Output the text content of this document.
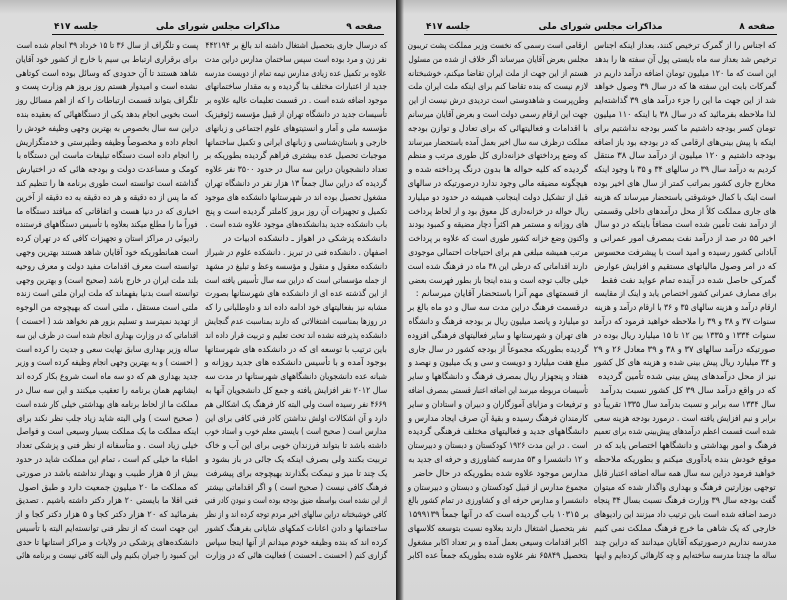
صفحه ۹
مذاکرات مجلس شورای ملی
جلسه ۴۱۷
که درسال جاری بتحصیل اشتغال داشته اند بالغ بر ۴۴۲۱۹۴
نفر زن و مرد بوده است سپس ساختمان مدارس دراین مدت
علاوه بر تکمیل عده زیادی مدارس نیمه تمام از دویست مدرسه
جدید از اعتبارات مختلف بنا گردیده و به مقدار ساختمانهای
موجود اضافه شده است . در قسمت تعلیمات عالیه علاوه بر
تأسیسات جدید در دانشگاه تهران از قبیل مؤسسه ژئوفیزیک
مؤسسه ملی و آمار و انستیتوهای علوم اجتماعی و زبانهای
خارجی و باستان‌شناسی و زبانهای ایرانی و تکمیل ساختمانها
موجبات تحصیل عده بیشتری فراهم گردیده بطوریکه بر
تعداد دانشجویان دراین سه سال در حدود ۳۵۰۰ نفر علاوه
گردیده که دراین سال جمعاً ۱۳ هزار نفر در دانشگاه تهران
مشغول تحصیل بوده اند در شهرستانها دانشکده های موجود
تکمیل و تجهیزات آن روز بروز کاملتر گردیده است و پنج
باب دانشکده جدید بدانشکده‌های موجود علاوه شده است .
دانشکده پزشکی در اهواز ـ دانشکده ادبیات در
اصفهان . دانشکده فنی در تبریز . دانشکده علوم در شیراز
دانشکده معقول و منقول و مؤسسه وعظ و تبلیغ در مشهد
از جمله مؤسساتی است که دراین سه سال تأسیس یافته است
از این گذشته عده ای از دانشکده های شهرستانها بصورت
مشابه نیز بفعالیتهای خود ادامه داده اند و داوطلبانی را که
در روزها بمناسبت اشتغالاتی که دارند بمناسبت عدم گنجایش
دانشکده پذیرفته نشده اند تحت تعلیم و تربیت قرار داده اند
باین ترتیب با توسعه ای که در دانشکده های شهرستانها
بوجود آمده و با تأسیس دانشکده های جدید روزانه و
شبانه عده دانشجویان دانشگاههای شهرستانها در مدت سه
سال ۲۰۱۲ نفر افزایش یافته و جمع کل دانشجویان آنها به
۴۶۶۹ نفر رسیده است ولی البته کار فرهنگ یک اشکالی هم
دارد و آن اشکالات اولش نداشتن کادر فنی کافی برای این
مدارس است ( صحیح است ) بایستی معلم خوب و استاد خوب
داشته باشد تا بتواند فرزندان خوبی برای این آب و خاک
تربیت بکنند ولی بصرف اینکه یک جائی در باز بشود و
یک چند تا میز و نیمکت بگذارند بهیچوجه برای پیشرفت
فرهنگ کافی نیست ( صحیح است ) و اگر اقداماتی بیشتر
از این نشده است بواسطه ضیق بودجه بوده است و نبودن کادر فنی
کافی خوشبختانه دراین سالهای اخیر مردم توجه کرده اند و از نظر
ساختمانها و دادن اعانات کمکهای شایانی بفرهنگ کشور
کرده اند که بنده وظیفه خودم میدانم از آنها اینجا سپاس
گزاری کنم ( احسنت ـ احسنت ) فعالیت هائی که در وزارت
پست و تلگراف از سال ۳۶ تا ۱۵ خرداد ۳۹ انجام شده است
برای برقراری ارتباط بی سیم با خارج از کشور خود آقایان
شاهد هستند تا آن حدودی که وسائل بوده است کوتاهی
نشده است و امیدوار هستم روز بروز هم وزارت پست و
تلگراف بتواند قسمت ارتباطات را که از اهم مسائل روز
است بخوبی انجام بدهد یکی از دستگاههائی که بعقیده بنده
دراین سه سال بخصوص به بهترین وجهی وظیفه خودش را
انجام داده و مخصوصاً وظیفه وطنپرستی و خدمتگزاریش
را انجام داده است دستگاه تبلیغات ماست این دستگاه با
کومک و مساعدت دولت و بودجه هائی که در اختیارش
گذاشته است توانسته است طوری برنامه ها را تنظیم کند
که ما پس از ده دقیقه و هر ده دقیقه به ده دقیقه از آخرین
اخباری که در دنیا هست و اتفاقاتی که میافتد دستگاه ما
فوراً ما را مطلع میکند بعلاوه با تأسیس دستگاههای فرستنده
رادیوئی در مراکز استان و تجهیزات کافی که در تهران کرده
است همانطوریکه خود آقایان شاهد هستند بهترین وجهی
توانسته است معرف اقدامات مفید دولت و معرف روحیه
بلند ملت ایران در خارج باشد (صحیح است) و بهترین وجهی
توانسته است بدنیا بفهماند که ملت ایران ملتی است زنده
ملتی است مستقل ، ملتی است که بهیچوجه من الوجوه
از تهدید نمیترسد و تسلیم بزور هم نخواهد شد ( احسنت )
اقداماتی که در وزارت بهداری انجام شده است در ظرف این سه
ساله وزیر بهداری سابق نهایت سعی و جدیت را کرده است
( احسنت ) و به بهترین وجهی انجام وظیفه کرده است و وزیر
جدید بهداری هم که دو سه ماه است شروع بکار کرده اند
ایشانهم همان برنامه را تعقیب میکنند و این سه سال در
مملکت ما از لحاظ برنامه های بهداشتی خیلی کار شده است
( صحیح است ) ولی البته شاید زیاد جلب نظر نکند برای
اینکه مملکت ما یک مملکت بسیار وسیعی است و فواصل
خیلی زیاد است . و متأسفانه از نظر فنی و پزشکی تعداد
اطباء ما خیلی کم است ، تمام این مملکت شاید در حدود
بیش از ۵ هزار طبیب و بهدار نداشته باشد در صورتی
که مملکت ما ۲۰ میلیون جمعیت دارد و طبق اصول
فنی اقلا ما بایستی ۲۰ هزار دکتر داشته باشیم . تصدیق
بفرمائید که ۲۰ هزار دکتر کجا و ۵ هزار دکتر کجا و از
این جهت است که از نظر فنی توانسته‌ایم البته با تأسیس
دانشکده‌های پزشکی در ولایات و مراکز استانها تا حدی
این کمبود را جبران بکنیم ولی البته کافی نیست و برنامه هائی
صفحه ۸
مذاکرات مجلس شورای ملی
جلسه ۴۱۷
که اجناس را از گمرک ترخیص کنند، بعداز اینکه اجناس
ترخیص شد بعداز سه ماه بایستی پول آن سفته ها را بدهد
این است که ما ۱۲۰ میلیون تومان اضافه درآمد داریم در
گمرکات بابت این سفته ها که در سال ۳۹ وصول خواهد
شد از این جهت ما این را جزء درآمد های ۳۹ گذاشته‌ایم
لذا ملاحظه بفرمائید که در سال ۳۸ با اینکه ۱۱۰ میلیون
تومان کسر بودجه داشتیم ما کسر بودجه نداشتیم برای
اینکه با پیش بینی‌های ارقامی که در بودجه بود باز اضافه
بودجه داشتیم و ۱۲۰ میلیون از درآمد سال ۳۸ منتقل
کردیم به درآمد سال ۳۹ در سالهای ۳۴ و ۳۵ با وجود اینکه
مخارج جاری کشور بمراتب کمتر از سال های اخیر بوده
است اینک با کمال خوشوقتی باستحضار میرساند که هزینه
های جاری مملکت کلاً از محل درآمدهای داخلی وقسمتی
از درآمد نفت تأمین شده است مضافاً باینکه در دو سال
اخیر ۵۵ در صد از درآمد نفت بمصرف امور عمرانی و
آبادانی کشور رسیده و امید است با پیشرفت محسوس
که در امر وصول مالیاتهای مستقیم و افزایش عوارض
گمرکی حاصل شده در آینده تمام عواید نفت فقط
برای مصارف عمرانی کشور اختصاص یابد و اینک از مقایسه
ارقام درآمد و هزینه سالهای ۳۵ و ۳۶ با ارقام درآمد و هزینه
سنوات ۳۷ و ۳۸ و ۳۹ را ملاحظه خواهید فرمود که درآمد
سنوات ۱۳۳۴ و ۱۳۳۵ بین ۱۲ تا ۱۵ میلیارد ریال بوده در
صورتیکه درآمد سالهای ۳۷ و ۳۸ و ۳۹ معادل ۲۶ و ۲۹
و ۳۴ میلیارد ریال پیش بینی شده و هزینه های کل کشور
نیز از محل درآمدهای پیش بینی شده تأمین گردیده
که در واقع درآمد سال ۳۹ کل کشور نسبت بدرآمد
سال ۱۳۳۴ سه برابر و نسبت بدرآمد سال ۱۳۳۵ تقریباً دو
برابر و نیم افزایش یافته است . درمورد بودجه هزینه سعی
شده است قسمت اعظم درآمدهای پیش‌بینی شده برای تعمیم
فرهنگ و امور بهداشتی و دانشگاهها اختصاص یابد که در
موقع خودش بنده یادآوری میکنم و بطوریکه ملاحظه
خواهید فرمود دراین سه سال همه ساله اضافه اعتبار قابل
توجهی بوزارتین فرهنگ و بهداری واگذار شده که میتوان
گفت بودجه سال ۳۹ وزارت فرهنگ نسبت بسال ۳۴ پنجاه
درصد اضافه شده است باین ترتیب داد میزنند این رادیوهای
خارجی که یک شاهی ما خرج فرهنگ مملکت نمی کنیم
مدرسه نداریم درصورتیکه آقایان میدانند که دراین چند
ساله ما چندتا مدرسه ساخته‌ایم و چه کارهائی کرده‌ایم و اینها
ارقامی است رسمی که نخست وزیر مملکت پشت تریبون
مجلس بعرض آقایان میرساند اگر خلاف از شده من مسئول
هستم از این جهت از ملت ایران تقاضا میکنم، خوشبختانه
لازم نیست که بنده تقاضا کنم برای اینکه ملت ایران ملت
وطن‌پرست و شاهدوستی است تردیدی درش نیست از این
جهت این ارقام رسمی دولت است و بعرض آقایان میرسانم
با اقدامات و فعالیتهائی که برای تعادل و توازن بودجه
مملکت درظرف سه سال اخیر بعمل آمده باستحضار میرساند
که وضع پرداختهای خزانه‌داری کل طوری مرتب و منظم
گردیده که کلیه حواله ها بدون درنگ پرداخته شده و
هیچگونه مضیقه مالی وجود ندارد درصورتیکه در سالهای
قبل از تشکیل دولت اینجانب همیشه در حدود دو میلیارد
ریال حواله در خزانه‌داری کل معوق بود و از لحاظ پرداخت
های روزانه و مستمر هم اکثراً دچار مضیقه و کمبود بودند
واکنون وضع خزانه کشور طوری است که علاوه بر پرداخت
مرتب همیشه مبلغی هم برای احتیاجات احتمالی موجودی
دارند اقداماتی که درطی این ۳۸ ماه در فرهنگ شده است
خیلی جالب توجه است و بنده اینجا باز بطور فهرست بعضی
از قسمتهای مهم آنرا باستحضار آقایان میرسانم :
درقسمت فرهنگ دراین مدت سه سال و دو ماه بالغ بر
دو میلیارد و پانصد میلیون ریال بر بودجه فرهنگ و دانشگاه
های تهران و شهرستانها و سایر فعالیتهای فرهنگی افزوده
گردیده بطوریکه مجموعاً از بودجه کشور در سال جاری
مبلغ هفت میلیارد و دویست و سی و یک میلیون و نهصد و
هفتاد و پنجهزار ریال بمصرف فرهنگ و دانشگاهها و سایر
تأسیسات مربوطه میرسد این اضافه اعتبار قسمتی بمصرف اضافه
و ترفیعات و مزایای آموزگاران و دبیران و استادان و سایر
کارمندان فرهنگ رسیده و بقیهٔ آن صرف ایجاد مدارس و
دانشگاههای جدید و فعالیتهای مختلف فرهنگی گردیده
است . در این مدت ۱۹۲۶ کودکستان و دبستان و دبیرستان
و ۱۲ دانشسرا و ۵۳ مدرسه کشاورزی و حرفه ای جدید به
مدارس موجود علاوه شده بطوریکه در حال حاضر
مجموع مدارس از قبیل کودکستان و دبستان و دبیرستان و
دانشسرا و مدارس حرفه ای و کشاورزی در تمام کشور بالغ
بر ۱۰۳۱۵ باب گردیده است که در آنها جمعاً ۱۵۹۹۱۳۹
نفر بتحصیل اشتغال دارند بعلاوه نسبت بتوسعه کلاسهای
اکابر اقدامات وسیعی بعمل آمده و بر تعداد اکابر مشغول
بتحصیل ۶۵۸۴۹ نفر علاوه شده بطوریکه جمعاً عده اکابر
